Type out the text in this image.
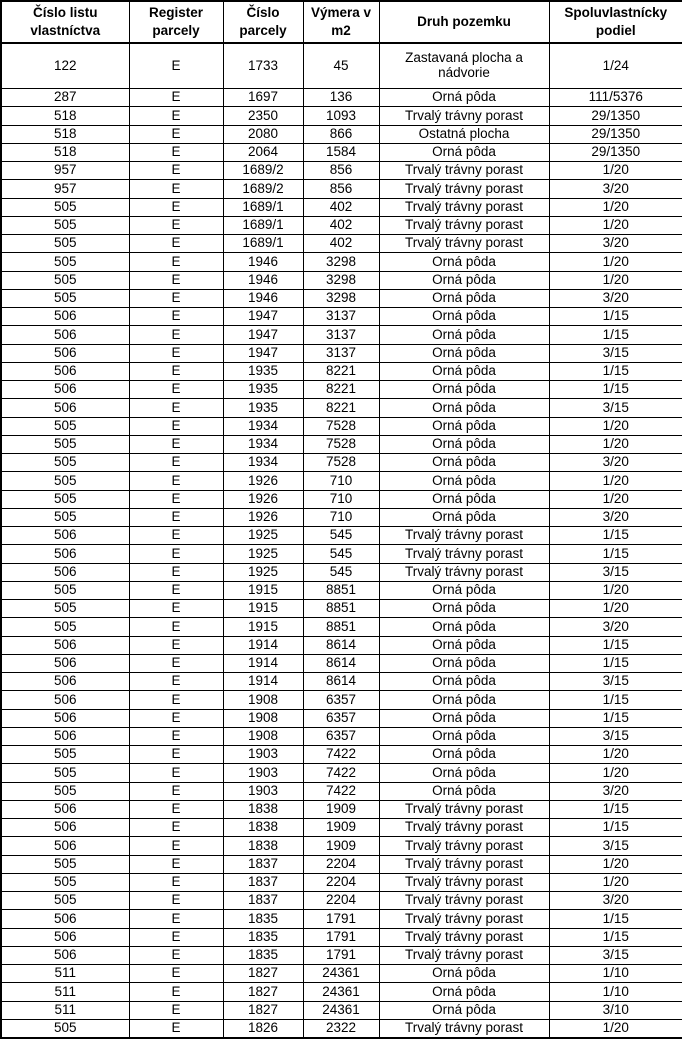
Číslo listu vlastníctva	Register parcely	Číslo parcely	Výmera v m2	Druh pozemku	Spoluvlastnícky podiel
122	E	1733	45	Zastavaná plocha a nádvorie	1/24
287	E	1697	136	Orná pôda	111/5376
518	E	2350	1093	Trvalý trávny porast	29/1350
518	E	2080	866	Ostatná plocha	29/1350
518	E	2064	1584	Orná pôda	29/1350
957	E	1689/2	856	Trvalý trávny porast	1/20
957	E	1689/2	856	Trvalý trávny porast	3/20
505	E	1689/1	402	Trvalý trávny porast	1/20
505	E	1689/1	402	Trvalý trávny porast	1/20
505	E	1689/1	402	Trvalý trávny porast	3/20
505	E	1946	3298	Orná pôda	1/20
505	E	1946	3298	Orná pôda	1/20
505	E	1946	3298	Orná pôda	3/20
506	E	1947	3137	Orná pôda	1/15
506	E	1947	3137	Orná pôda	1/15
506	E	1947	3137	Orná pôda	3/15
506	E	1935	8221	Orná pôda	1/15
506	E	1935	8221	Orná pôda	1/15
506	E	1935	8221	Orná pôda	3/15
505	E	1934	7528	Orná pôda	1/20
505	E	1934	7528	Orná pôda	1/20
505	E	1934	7528	Orná pôda	3/20
505	E	1926	710	Orná pôda	1/20
505	E	1926	710	Orná pôda	1/20
505	E	1926	710	Orná pôda	3/20
506	E	1925	545	Trvalý trávny porast	1/15
506	E	1925	545	Trvalý trávny porast	1/15
506	E	1925	545	Trvalý trávny porast	3/15
505	E	1915	8851	Orná pôda	1/20
505	E	1915	8851	Orná pôda	1/20
505	E	1915	8851	Orná pôda	3/20
506	E	1914	8614	Orná pôda	1/15
506	E	1914	8614	Orná pôda	1/15
506	E	1914	8614	Orná pôda	3/15
506	E	1908	6357	Orná pôda	1/15
506	E	1908	6357	Orná pôda	1/15
506	E	1908	6357	Orná pôda	3/15
505	E	1903	7422	Orná pôda	1/20
505	E	1903	7422	Orná pôda	1/20
505	E	1903	7422	Orná pôda	3/20
506	E	1838	1909	Trvalý trávny porast	1/15
506	E	1838	1909	Trvalý trávny porast	1/15
506	E	1838	1909	Trvalý trávny porast	3/15
505	E	1837	2204	Trvalý trávny porast	1/20
505	E	1837	2204	Trvalý trávny porast	1/20
505	E	1837	2204	Trvalý trávny porast	3/20
506	E	1835	1791	Trvalý trávny porast	1/15
506	E	1835	1791	Trvalý trávny porast	1/15
506	E	1835	1791	Trvalý trávny porast	3/15
511	E	1827	24361	Orná pôda	1/10
511	E	1827	24361	Orná pôda	1/10
511	E	1827	24361	Orná pôda	3/10
505	E	1826	2322	Trvalý trávny porast	1/20
